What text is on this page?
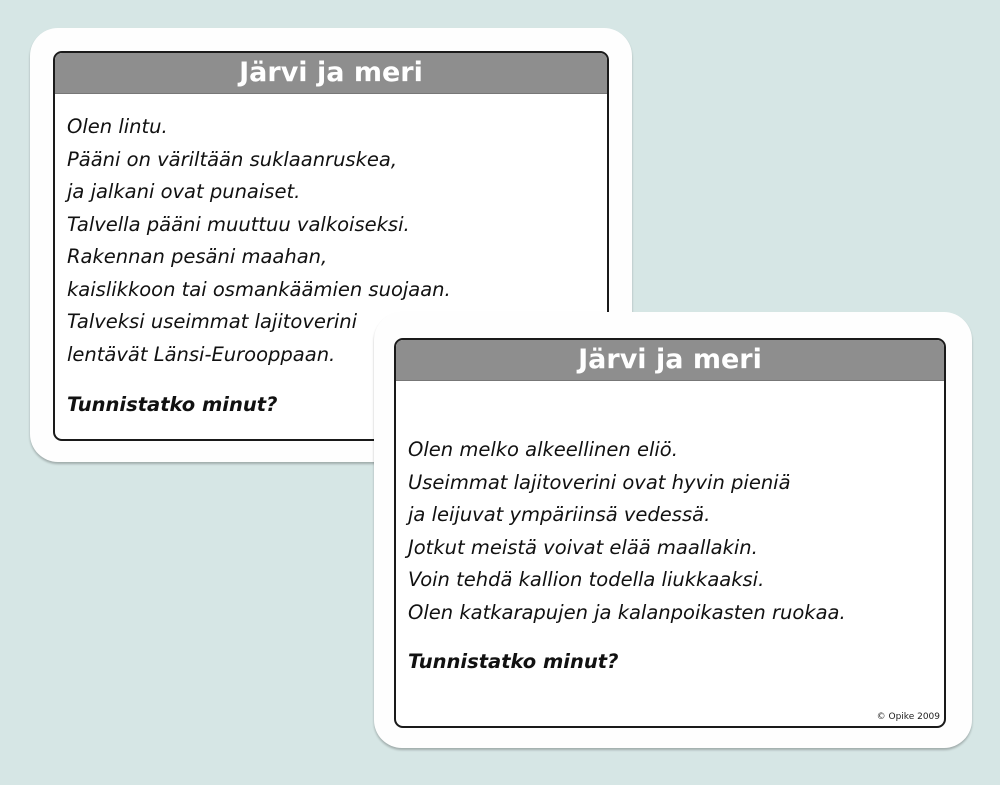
Järvi ja meri
Olen lintu.
Pääni on väriltään suklaanruskea,
ja jalkani ovat punaiset.
Talvella pääni muuttuu valkoiseksi.
Rakennan pesäni maahan,
kaislikkoon tai osmankäämien suojaan.
Talveksi useimmat lajitoverini
lentävät Länsi-Eurooppaan.
Tunnistatko minut?
Järvi ja meri
Olen melko alkeellinen eliö.
Useimmat lajitoverini ovat hyvin pieniä
ja leijuvat ympäriinsä vedessä.
Jotkut meistä voivat elää maallakin.
Voin tehdä kallion todella liukkaaksi.
Olen katkarapujen ja kalanpoikasten ruokaa.
Tunnistatko minut?
© Opike 2009
